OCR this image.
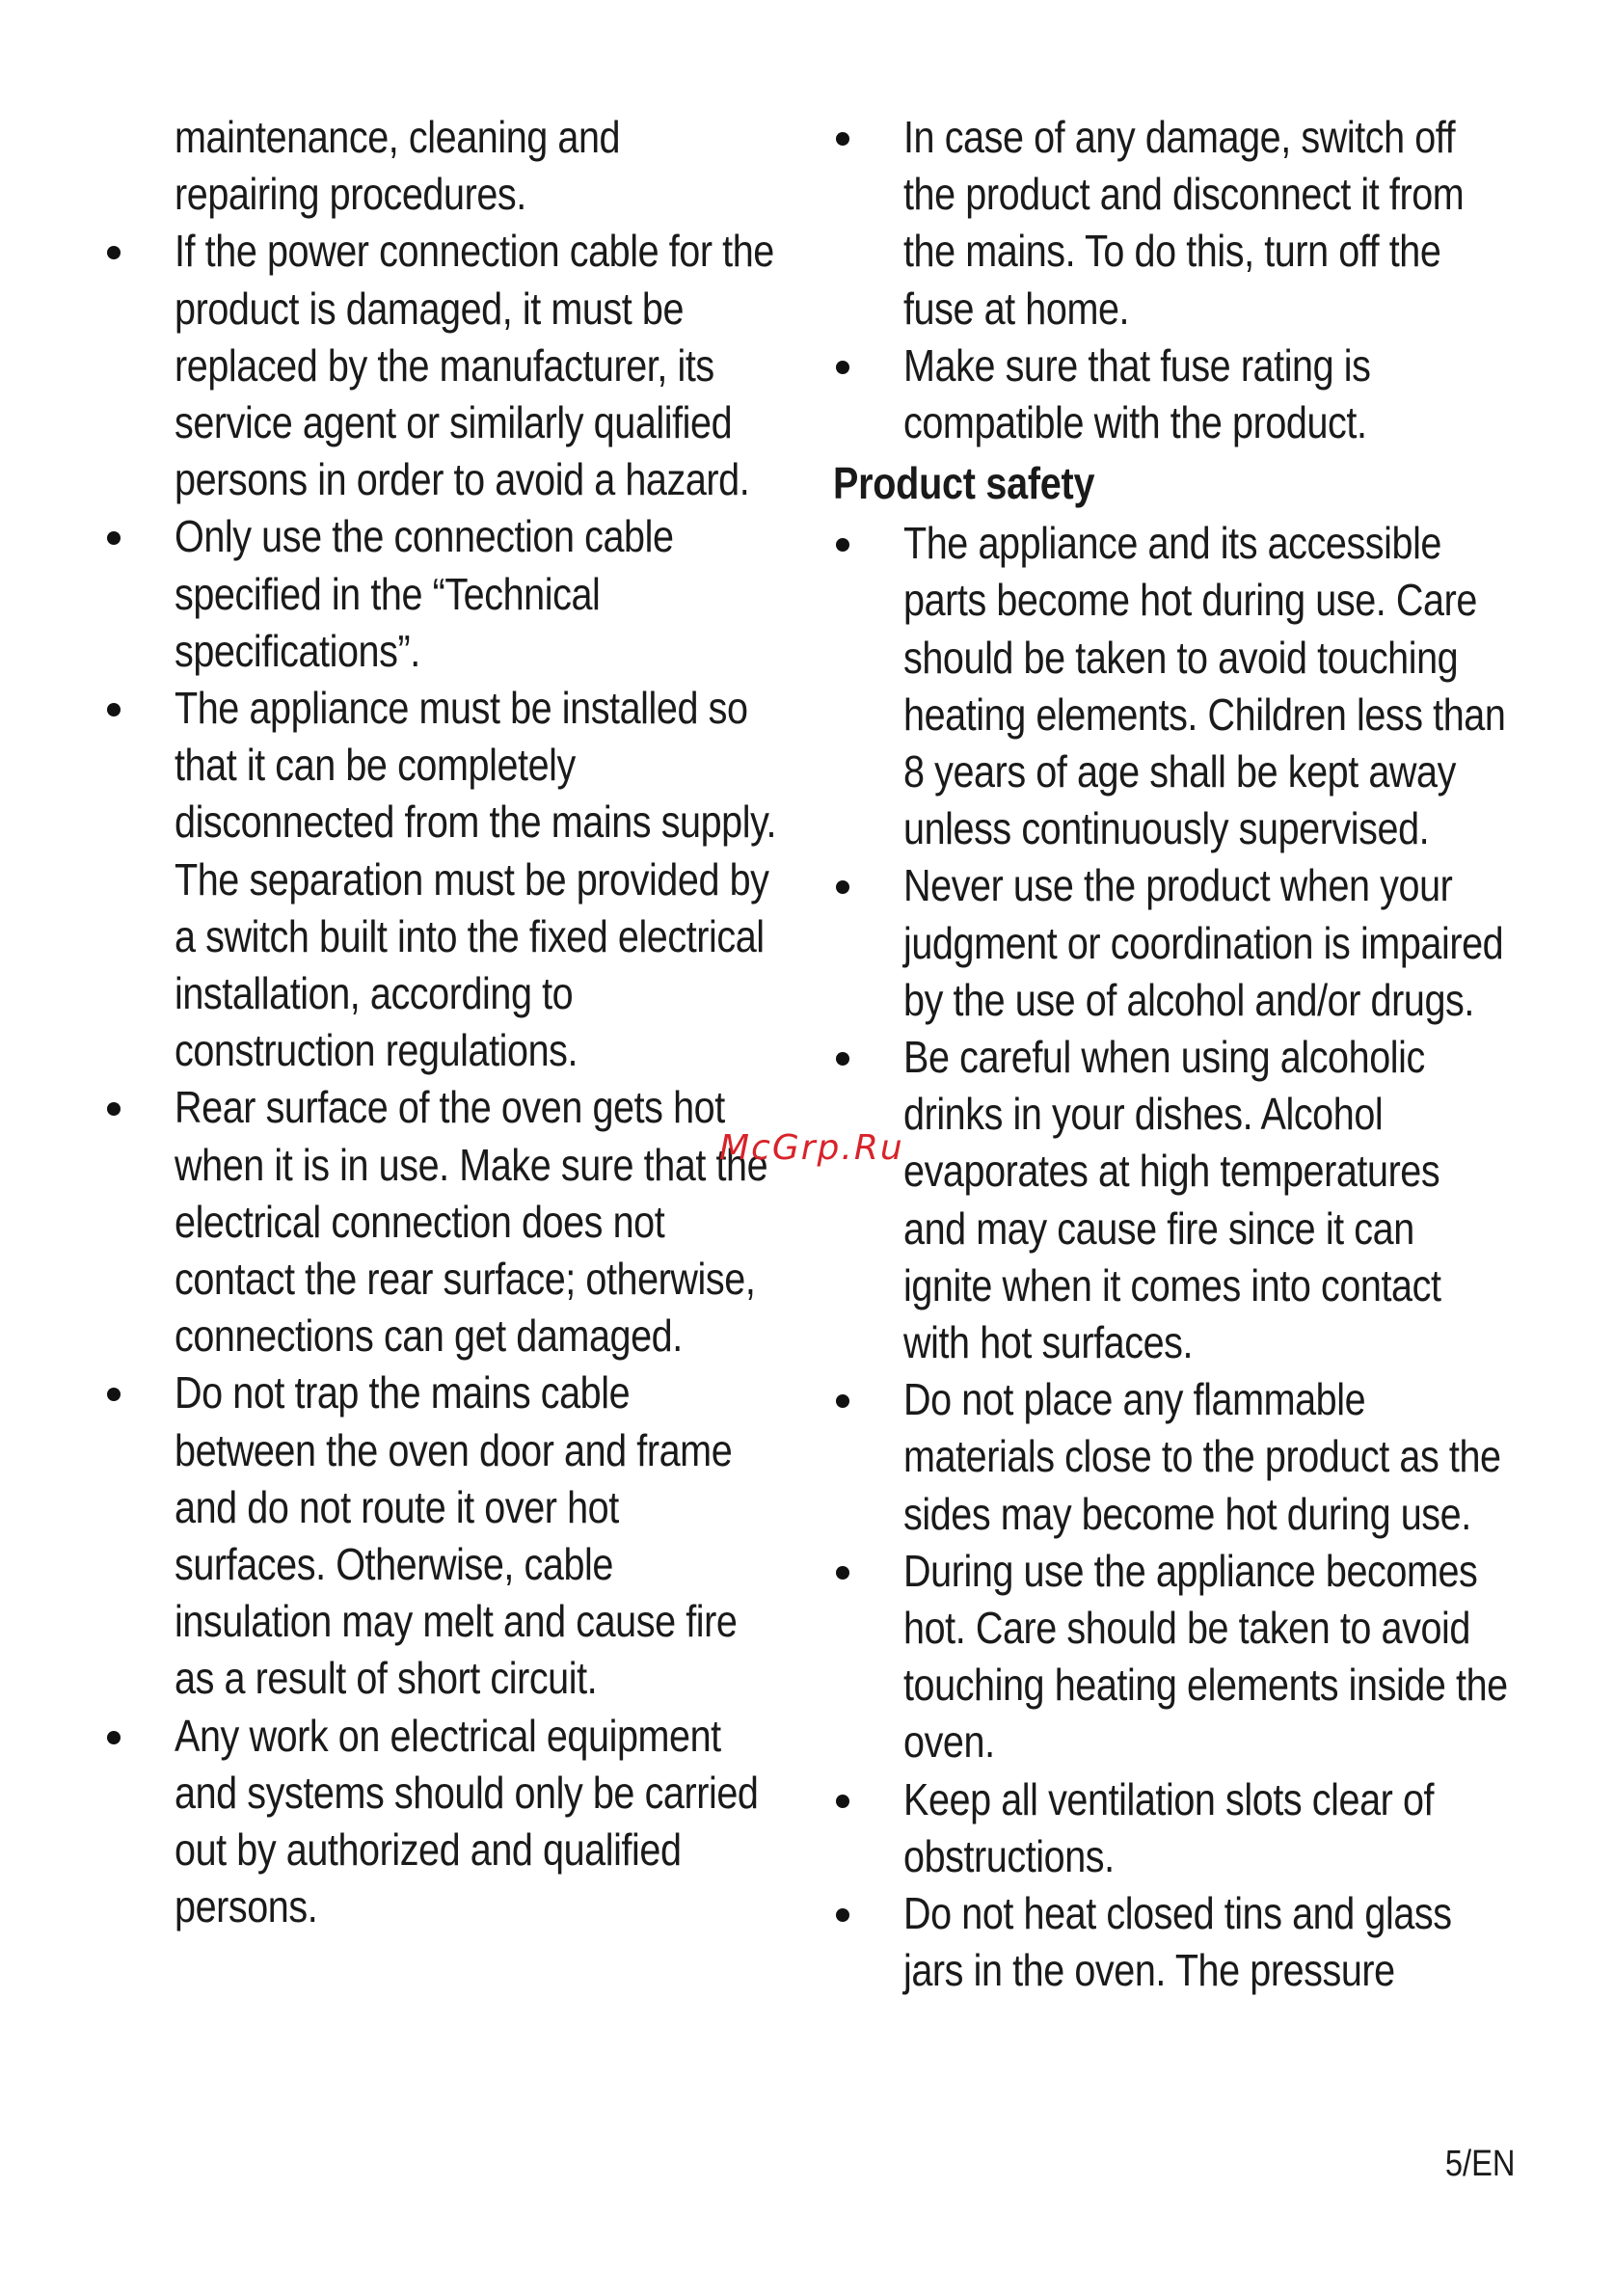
maintenance, cleaning and repairing procedures.

If the power connection cable for the product is damaged, it must be replaced by the manufacturer, its service agent or similarly qualified persons in order to avoid a hazard.

Only use the connection cable specified in the “Technical specifications”.

The appliance must be installed so that it can be completely disconnected from the mains supply. The separation must be provided by a switch built into the fixed electrical installation, according to construction regulations.

Rear surface of the oven gets hot when it is in use. Make sure that the electrical connection does not contact the rear surface; otherwise, connections can get damaged.

Do not trap the mains cable between the oven door and frame and do not route it over hot surfaces. Otherwise, cable insulation may melt and cause fire as a result of short circuit.

Any work on electrical equipment and systems should only be carried out by authorized and qualified persons.

In case of any damage, switch off the product and disconnect it from the mains. To do this, turn off the fuse at home.

Make sure that fuse rating is compatible with the product.

Product safety

The appliance and its accessible parts become hot during use. Care should be taken to avoid touching heating elements. Children less than 8 years of age shall be kept away unless continuously supervised.

Never use the product when your judgment or coordination is impaired by the use of alcohol and/or drugs.

Be careful when using alcoholic drinks in your dishes. Alcohol evaporates at high temperatures and may cause fire since it can ignite when it comes into contact with hot surfaces.

Do not place any flammable materials close to the product as the sides may become hot during use.

During use the appliance becomes hot. Care should be taken to avoid touching heating elements inside the oven.

Keep all ventilation slots clear of obstructions.

Do not heat closed tins and glass jars in the oven. The pressure

McGrp.Ru
5/EN
